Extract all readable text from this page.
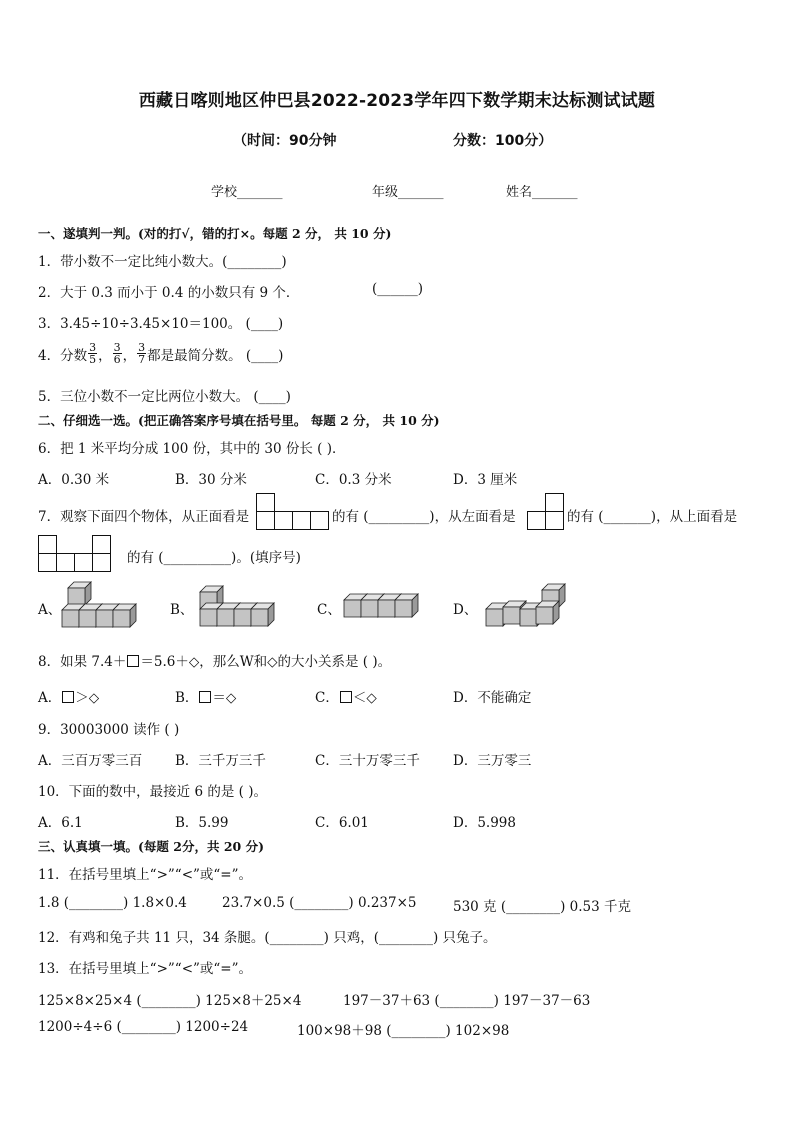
西藏日喀则地区仲巴县2022-2023学年四下数学期末达标测试试题
（时间：90分钟	分数：100分）
学校_______	年级_______	姓名_______
一、遂填判一判。(对的打√，错的打×。每题 2 分， 共 10 分)
1．带小数不一定比纯小数大。(________)
2．大于 0.3 而小于 0.4 的小数只有 9 个．	(______)
3．3.45÷10÷3.45×10＝100。 (____)
4．分数 $\frac{3}{5}$ ， $\frac{3}{6}$ ， $\frac{3}{7}$ 都是最简分数。 (____)
5．三位小数不一定比两位小数大。 (____)
二、仔细选一选。(把正确答案序号填在括号里。 每题 2 分， 共 10 分)
6．把 1 米平均分成 100 份，其中的 30 份长 ( )．
A．0.30 米	B．30 分米	C．0.3 分米	D．3 厘米
7．观察下面四个物体，从正面看是	的有 (_________)，从左面看是	的有 (_______)，从上面看是
的有 (__________)。(填序号)
A、	B、	C、	D、
8．如果 7.4＋ ＝5.6＋◇，那么W和◇的大小关系是 ( )。
A． ＞◇	B． ＝◇	C． ＜◇	D．不能确定
9．30003000 读作 ( )
A．三百万零三百 B．三千万三千	C．三十万零三千 D．三万零三
10．下面的数中，最接近 6 的是 ( )。
A．6.1	B．5.99	C．6.01	D．5.998
三、认真填一填。(每题 2分，共 20 分)
11．在括号里填上“>”“<”或“=”。
1.8 (________) 1.8×0.4	23.7×0.5 (________) 0.237×5	530 克 (________) 0.53 千克
12．有鸡和兔子共 11 只，34 条腿。(________) 只鸡，(________) 只兔子。
13．在括号里填上“>”“<”或“=”。
125×8×25×4 (________) 125×8＋25×4	197－37＋63 (________) 197－37－63
1200÷4÷6 (________) 1200÷24	100×98＋98 (________) 102×98
